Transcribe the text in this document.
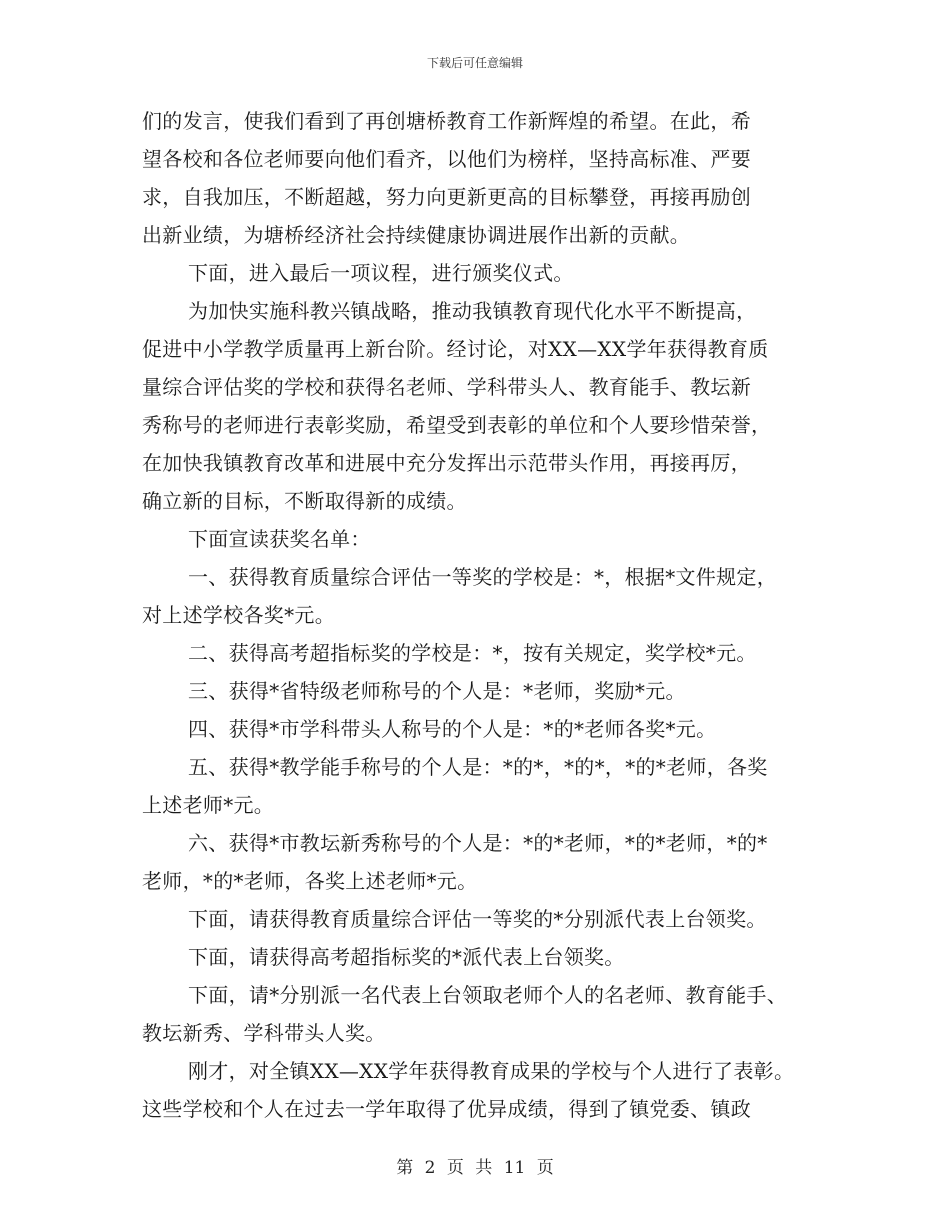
下载后可任意编辑
们的发言，使我们看到了再创塘桥教育工作新辉煌的希望。在此，希
望各校和各位老师要向他们看齐，以他们为榜样，坚持高标准、严要
求，自我加压，不断超越，努力向更新更高的目标攀登，再接再励创
出新业绩，为塘桥经济社会持续健康协调进展作出新的贡献。
下面，进入最后一项议程，进行颁奖仪式。
为加快实施科教兴镇战略，推动我镇教育现代化水平不断提高，
促进中小学教学质量再上新台阶。经讨论，对XX—XX学年获得教育质
量综合评估奖的学校和获得名老师、学科带头人、教育能手、教坛新
秀称号的老师进行表彰奖励，希望受到表彰的单位和个人要珍惜荣誉，
在加快我镇教育改革和进展中充分发挥出示范带头作用，再接再厉，
确立新的目标，不断取得新的成绩。
下面宣读获奖名单：
一、获得教育质量综合评估一等奖的学校是：*，根据*文件规定，
对上述学校各奖*元。
二、获得高考超指标奖的学校是：*，按有关规定，奖学校*元。
三、获得*省特级老师称号的个人是：*老师，奖励*元。
四、获得*市学科带头人称号的个人是：*的*老师各奖*元。
五、获得*教学能手称号的个人是：*的*，*的*，*的*老师，各奖
上述老师*元。
六、获得*市教坛新秀称号的个人是：*的*老师，*的*老师，*的*
老师，*的*老师，各奖上述老师*元。
下面，请获得教育质量综合评估一等奖的*分别派代表上台领奖。
下面，请获得高考超指标奖的*派代表上台领奖。
下面，请*分别派一名代表上台领取老师个人的名老师、教育能手、
教坛新秀、学科带头人奖。
刚才，对全镇XX—XX学年获得教育成果的学校与个人进行了表彰。
这些学校和个人在过去一学年取得了优异成绩，得到了镇党委、镇政
第 2 页 共 11 页
